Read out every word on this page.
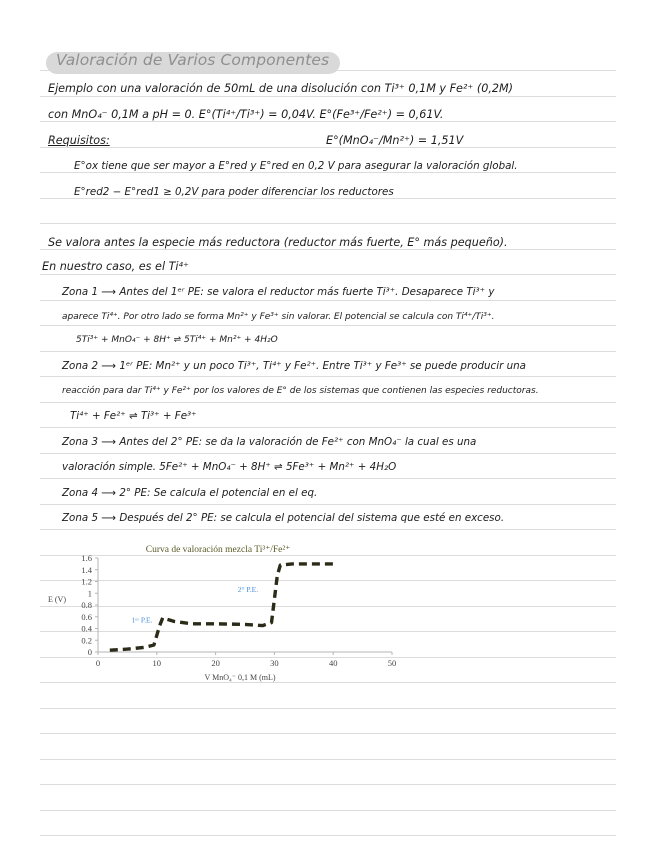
Valoración de Varios Componentes
Ejemplo con una valoración de 50mL de una disolución con Ti³⁺ 0,1M y Fe²⁺ (0,2M)
con MnO₄⁻ 0,1M a pH = 0. E°(Ti⁴⁺/Ti³⁺) = 0,04V. E°(Fe³⁺/Fe²⁺) = 0,61V.
Requisitos:	E°(MnO₄⁻/Mn²⁺) = 1,51V
E°ox tiene que ser mayor a E°red y E°red en 0,2 V para asegurar la valoración global.
E°red2 − E°red1 ≥ 0,2V para poder diferenciar los reductores
Se valora antes la especie más reductora (reductor más fuerte, E° más pequeño).
En nuestro caso, es el Ti⁴⁺
Zona 1 ⟶ Antes del 1ᵉʳ PE: se valora el reductor más fuerte Ti³⁺. Desaparece Ti³⁺ y
aparece Ti⁴⁺. Por otro lado se forma Mn²⁺ y Fe³⁺ sin valorar. El potencial se calcula con Ti⁴⁺/Ti³⁺.
5Ti³⁺ + MnO₄⁻ + 8H⁺ ⇌ 5Ti⁴⁺ + Mn²⁺ + 4H₂O
Zona 2 ⟶ 1ᵉʳ PE: Mn²⁺ y un poco Ti³⁺, Ti⁴⁺ y Fe²⁺. Entre Ti³⁺ y Fe³⁺ se puede producir una
reacción para dar Ti⁴⁺ y Fe²⁺ por los valores de E° de los sistemas que contienen las especies reductoras.
Ti⁴⁺ + Fe²⁺ ⇌ Ti³⁺ + Fe³⁺
Zona 3 ⟶ Antes del 2° PE: se da la valoración de Fe²⁺ con MnO₄⁻ la cual es una
valoración simple. 5Fe²⁺ + MnO₄⁻ + 8H⁺ ⇌ 5Fe³⁺ + Mn²⁺ + 4H₂O
Zona 4 ⟶ 2° PE: Se calcula el potencial en el eq.
Zona 5 ⟶ Después del 2° PE: se calcula el potencial del sistema que esté en exceso.
Curva de valoración mezcla Ti³⁺/Fe²⁺
E (V)
V MnO₄⁻ 0,1 M (mL)
0	10	20	30	40	50
0
0.2
0.4
0.6
0.8
1
1.2
1.4
1.6
1ᵉʳ P.E.
2° P.E.
